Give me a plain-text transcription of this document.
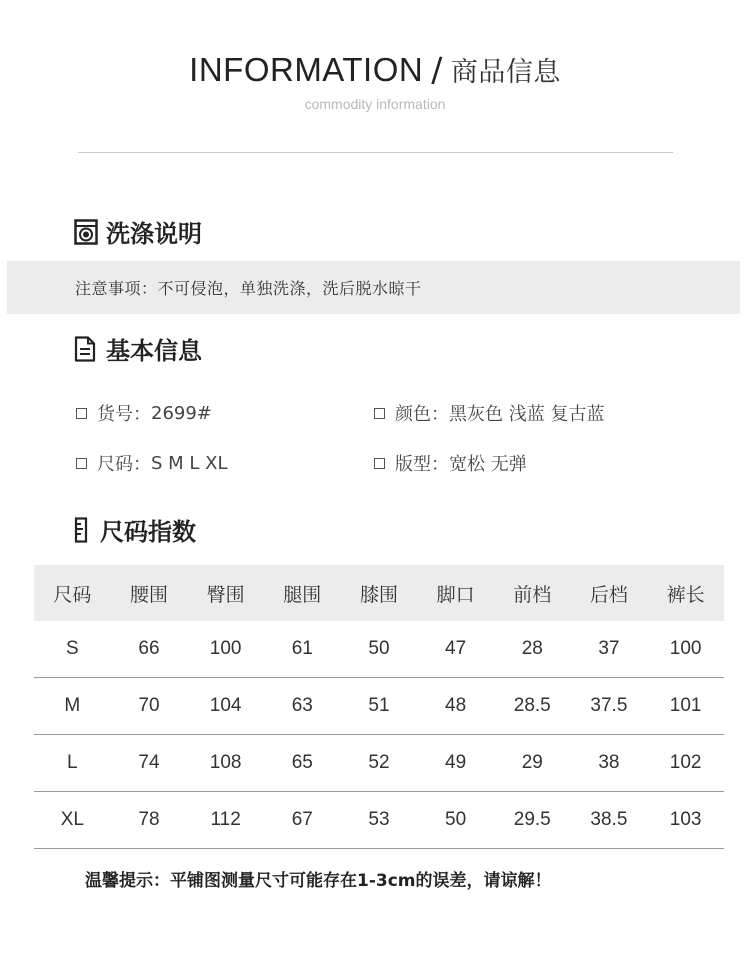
INFORMATION / 商品信息
commodity information
洗涤说明
注意事项：不可侵泡，单独洗涤，洗后脱水晾干
基本信息
货号： 2699#	颜色： 黑灰色 浅蓝 复古蓝
尺码： S M L XL	版型： 宽松 无弹
尺码指数
尺码	腰围	臀围	腿围	膝围	脚口	前档	后档	裤长
S	66	100	61	50	47	28	37	100
M	70	104	63	51	48	28.5	37.5	101
L	74	108	65	52	49	29	38	102
XL	78	112	67	53	50	29.5	38.5	103
温馨提示：平铺图测量尺寸可能存在1-3cm的误差，请谅解！
